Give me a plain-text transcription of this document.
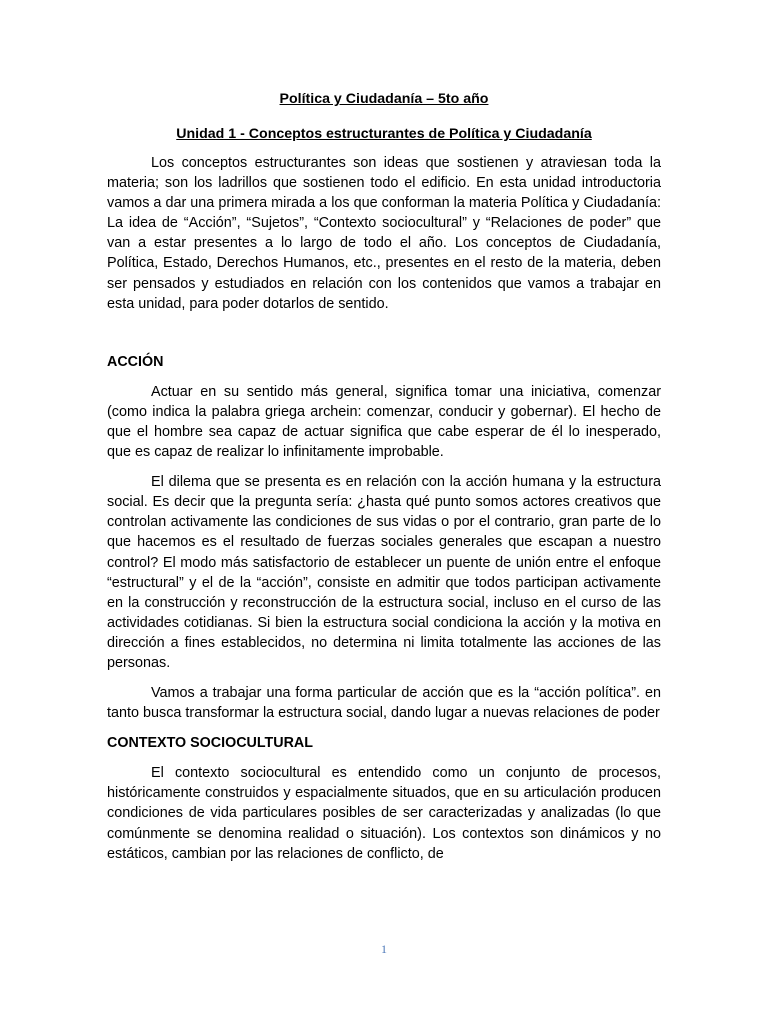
Política y Ciudadanía – 5to año

Unidad 1 - Conceptos estructurantes de Política y Ciudadanía

Los conceptos estructurantes son ideas que sostienen y atraviesan toda la materia; son los ladrillos que sostienen todo el edificio. En esta unidad introductoria vamos a dar una primera mirada a los que conforman la materia Política y Ciudadanía: La idea de “Acción”, “Sujetos”, “Contexto sociocultural” y “Relaciones de poder” que van a estar presentes a lo largo de todo el año. Los conceptos de Ciudadanía, Política, Estado, Derechos Humanos, etc., presentes en el resto de la materia, deben ser pensados y estudiados en relación con los contenidos que vamos a trabajar en esta unidad, para poder dotarlos de sentido.

ACCIÓN

Actuar en su sentido más general, significa tomar una iniciativa, comenzar (como indica la palabra griega archein: comenzar, conducir y gobernar). El hecho de que el hombre sea capaz de actuar significa que cabe esperar de él lo inesperado, que es capaz de realizar lo infinitamente improbable.

El dilema que se presenta es en relación con la acción humana y la estructura social. Es decir que la pregunta sería: ¿hasta qué punto somos actores creativos que controlan activamente las condiciones de sus vidas o por el contrario, gran parte de lo que hacemos es el resultado de fuerzas sociales generales que escapan a nuestro control? El modo más satisfactorio de establecer un puente de unión entre el enfoque “estructural” y el de la “acción”, consiste en admitir que todos participan activamente en la construcción y reconstrucción de la estructura social, incluso en el curso de las actividades cotidianas. Si bien la estructura social condiciona la acción y la motiva en dirección a fines establecidos, no determina ni limita totalmente las acciones de las personas.

Vamos a trabajar una forma particular de acción que es la “acción política”. en tanto busca transformar la estructura social, dando lugar a nuevas relaciones de poder

CONTEXTO SOCIOCULTURAL

El contexto sociocultural es entendido como un conjunto de procesos, históricamente construidos y espacialmente situados, que en su articulación producen condiciones de vida particulares posibles de ser caracterizadas y analizadas (lo que comúnmente se denomina realidad o situación). Los contextos son dinámicos y no estáticos, cambian por las relaciones de conflicto, de

1
